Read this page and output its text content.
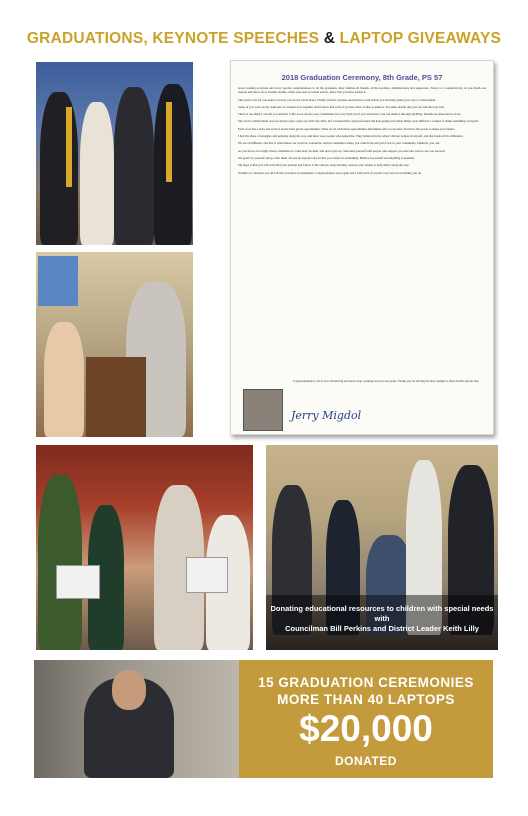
GRADUATIONS, KEYNOTE SPEECHES & LAPTOP GIVEAWAYS
2018 Graduation Ceremony, 8th Grade, PS 57

Good evening everyone and every special congratulations to all the graduates, their families & friends, all the teachers, administrators and supporters. Today is a wonderful day as you finish one chapter and move on to another. Rather, when your next accolade arrives, know that you have earned it.

This path is not for you alone to travel; you do not travel alone. Family, friends, teachers and mentors walk beside you and help guide your way to achievement.

Some of you were on my team and we worked on it together. And I know that each of you has what it takes to make it. You must decide that you can and that you will.

There is one thing I can tell you and that is life is not always easy. Sometimes it is very hard, but if you work hard, you can make it through anything. Dreams are important to have.

My road to achievement was not always easy. I grew up with very little, but I worked hard, stayed focused and kept going even when things were difficult. I wanted to make something of myself.

Each of us has a story and each of us has been given opportunities. What we do with those opportunities determines who we become. You have the power to shape your future.

I had my share of struggles and setbacks along the way, and there were people who helped me. They believed in me when I did not believe in myself, and that made all the difference.

We are all different, and that is what makes our world so wonderful. Always remember where you came from and give back to your community whenever you can.

As you move on to high school, remember to work hard, be kind, and never give up. Surround yourself with people who support you and who want to see you succeed.

Set goals for yourself and go after them. Do not let anyone tell you that you cannot do something. Believe in yourself and anything is possible.

My hope is that you will each find your passion and follow it. Be curious, keep learning, and use your talents to help others along the way.

Tonight we celebrate you and all that you have accomplished. Congratulations once again and I wish each of you the very best in everything you do.

Congratulations to all of you. Dream big and never stop working toward your goals. Thank you for having me here tonight to share in this special day.

Jerry Migdol
Donating educational resources to children with special needs with
Councilman Bill Perkins and District Leader Keith Lilly
15 GRADUATION CEREMONIES
MORE THAN 40 LAPTOPS
$20,000
DONATED
